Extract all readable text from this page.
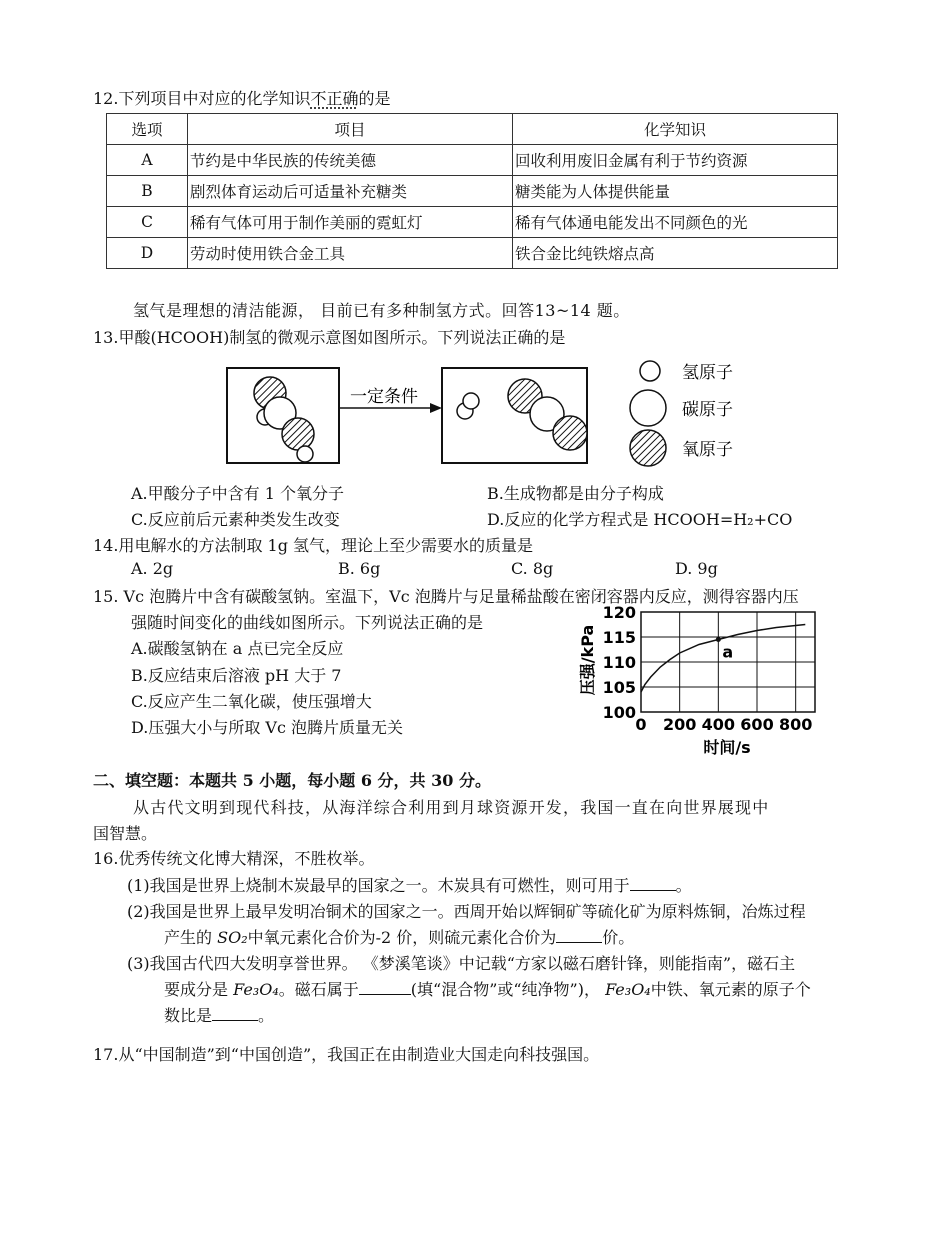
12.下列项目中对应的化学知识不正确的是
选项	项目	化学知识
A	节约是中华民族的传统美德	回收利用废旧金属有利于节约资源
B	剧烈体育运动后可适量补充糖类	糖类能为人体提供能量
C	稀有气体可用于制作美丽的霓虹灯	稀有气体通电能发出不同颜色的光
D	劳动时使用铁合金工具	铁合金比纯铁熔点高
氢气是理想的清洁能源， 目前已有多种制氢方式。回答13~14 题。
13.甲酸(HCOOH)制氢的微观示意图如图所示。下列说法正确的是
一定条件
氢原子
碳原子
氧原子
A.甲酸分子中含有 1 个氧分子	B.生成物都是由分子构成
C.反应前后元素种类发生改变	D.反应的化学方程式是 HCOOH=H₂+CO
14.用电解水的方法制取 1g 氢气，理论上至少需要水的质量是
A. 2g	B. 6g	C. 8g	D. 9g
15. Vc 泡腾片中含有碳酸氢钠。室温下，Vc 泡腾片与足量稀盐酸在密闭容器内反应，测得容器内压
强随时间变化的曲线如图所示。下列说法正确的是
A.碳酸氢钠在 a 点已完全反应
B.反应结束后溶液 pH 大于 7
C.反应产生二氧化碳，使压强增大
D.压强大小与所取 Vc 泡腾片质量无关
100
105
110
115
120
0 200 400 600 800
a
压强/kPa
时间/s
二、填空题：本题共 5 小题，每小题 6 分，共 30 分。
从古代文明到现代科技，从海洋综合利用到月球资源开发，我国一直在向世界展现中
国智慧。
16.优秀传统文化博大精深，不胜枚举。
(1)我国是世界上烧制木炭最早的国家之一。木炭具有可燃性，则可用于	。
(2)我国是世界上最早发明冶铜术的国家之一。西周开始以辉铜矿等硫化矿为原料炼铜，冶炼过程
产生的 SO₂中氧元素化合价为-2 价，则硫元素化合价为	价。
(3)我国古代四大发明享誉世界。 《梦溪笔谈》中记载“方家以磁石磨针锋，则能指南”，磁石主
要成分是 Fe₃O₄。磁石属于	(填“混合物”或“纯净物”)， Fe₃O₄中铁、氧元素的原子个
数比是	。
17.从“中国制造”到“中国创造”，我国正在由制造业大国走向科技强国。
